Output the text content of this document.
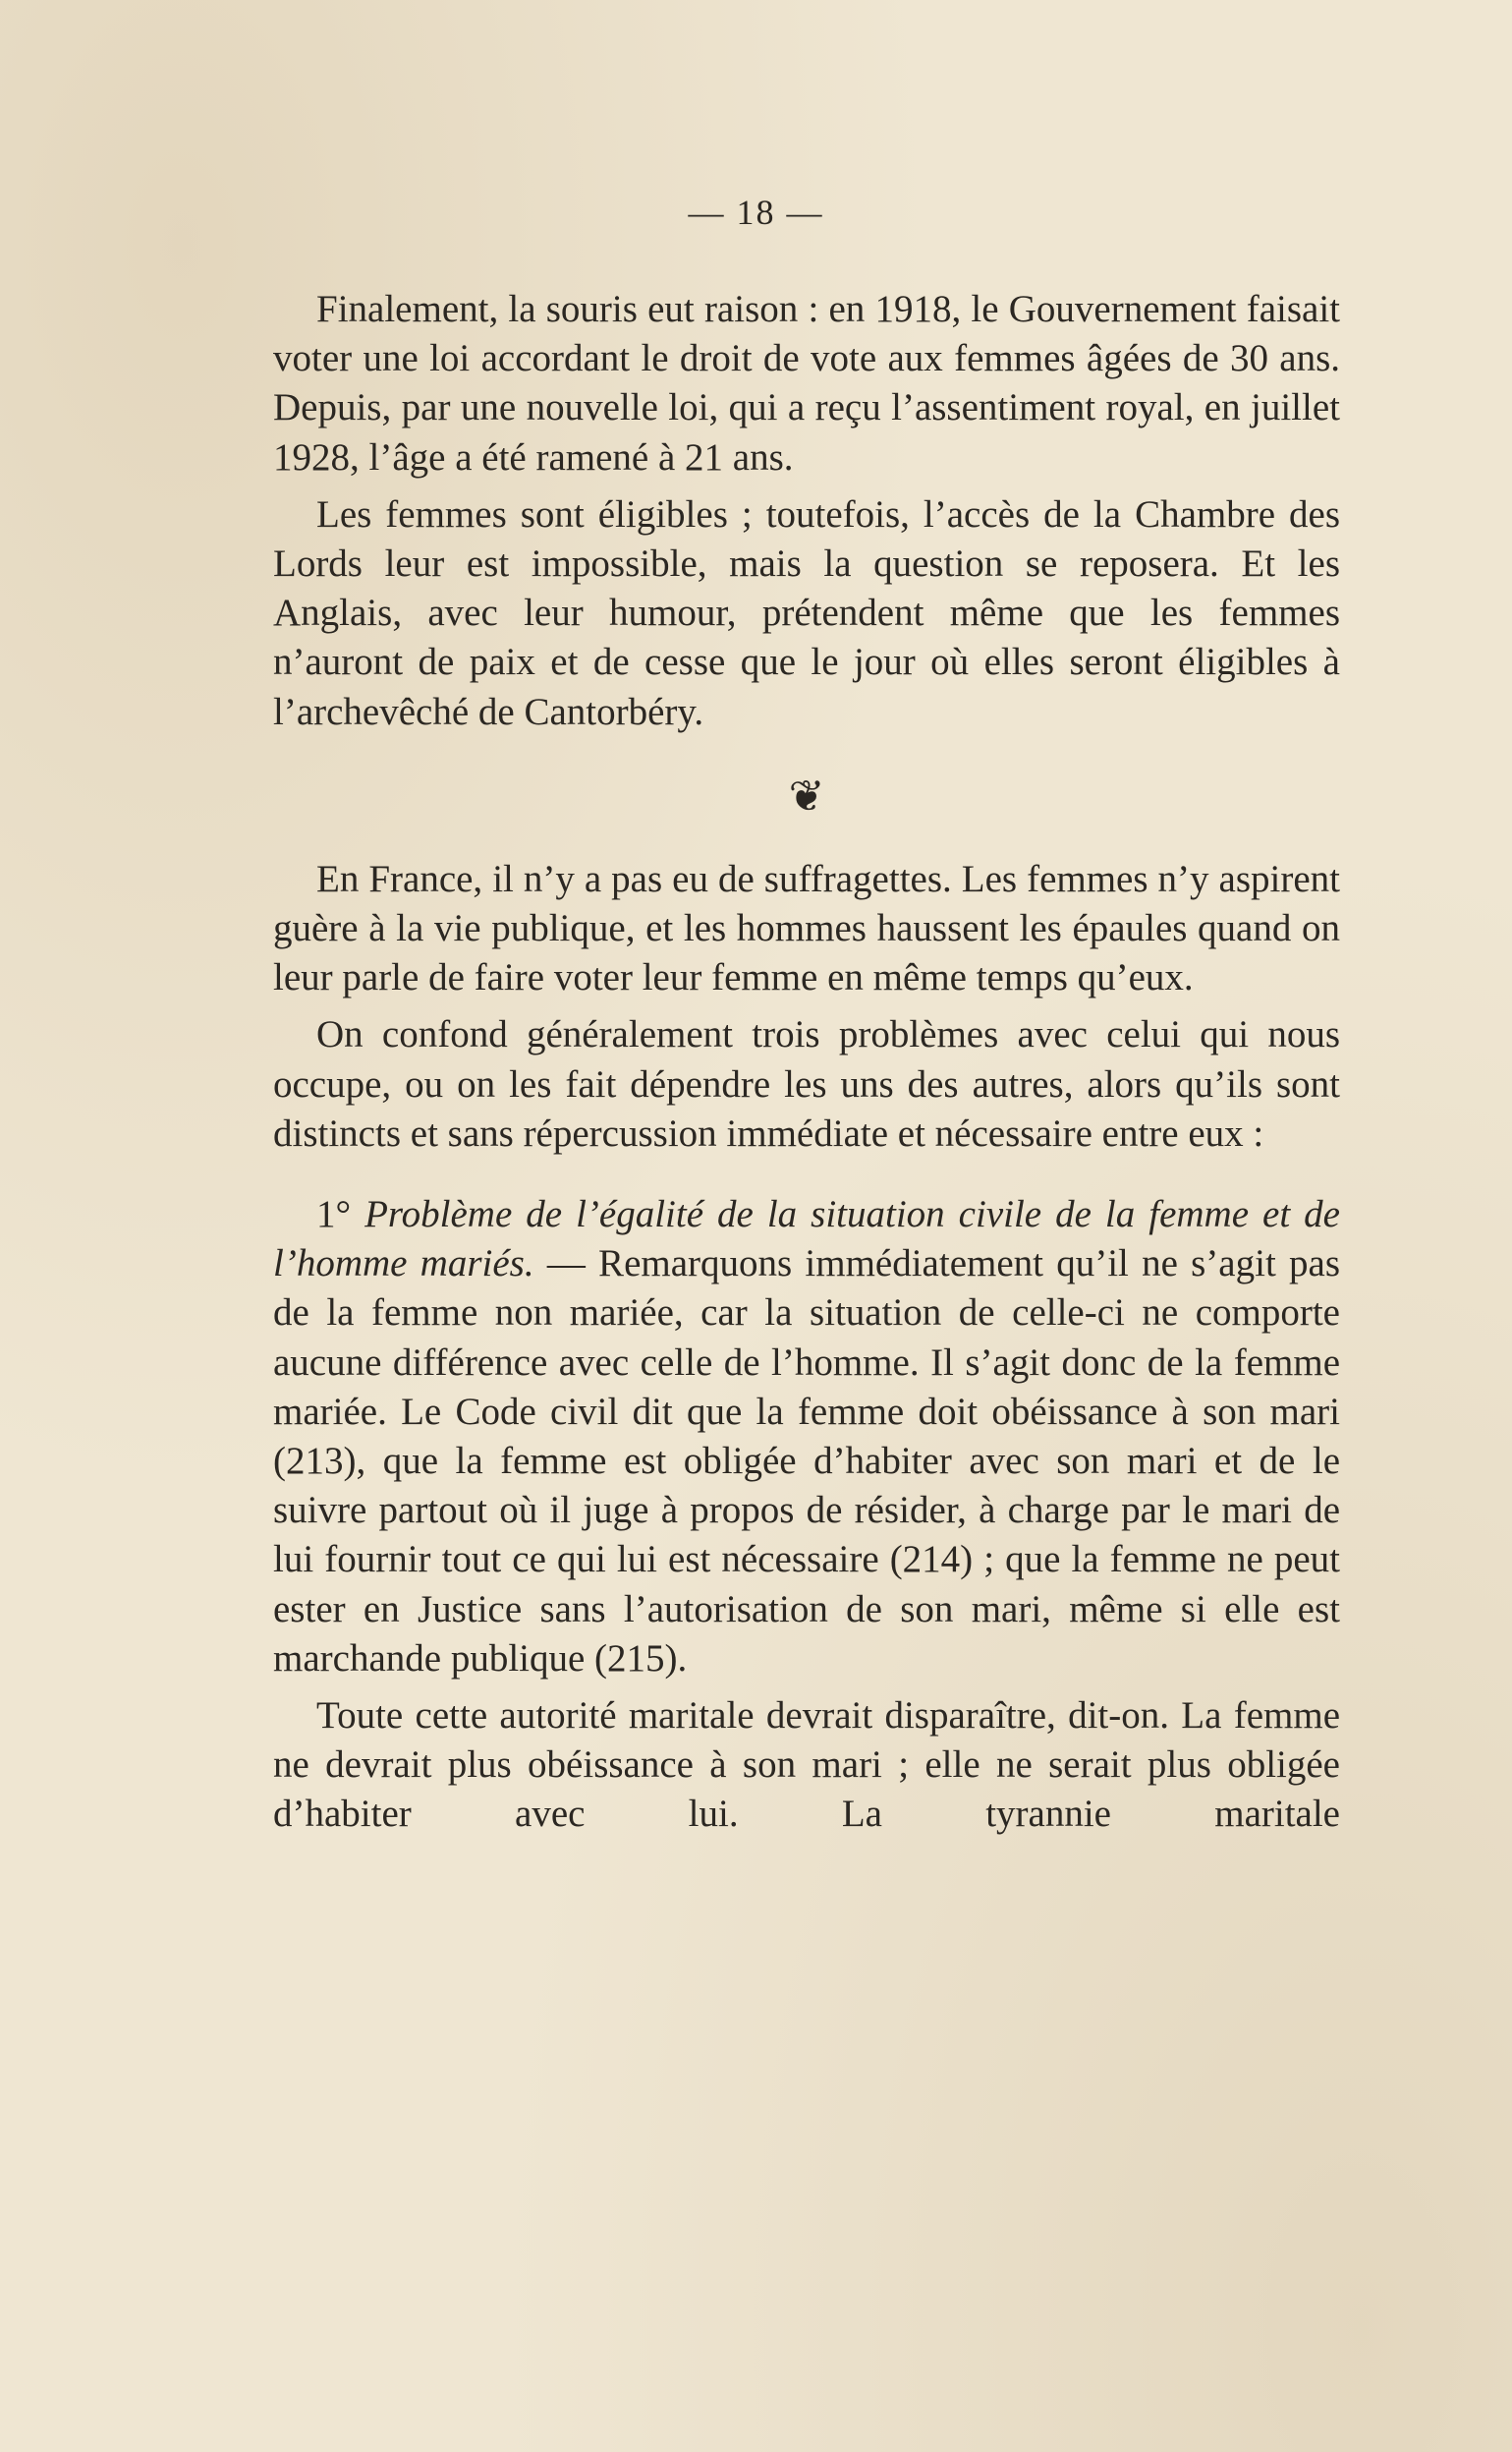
— 18 —

Finalement, la souris eut raison : en 1918, le Gouvernement faisait voter une loi accordant le droit de vote aux femmes âgées de 30 ans. Depuis, par une nouvelle loi, qui a reçu l’assentiment royal, en juillet 1928, l’âge a été ramené à 21 ans.

Les femmes sont éligibles ; toutefois, l’accès de la Chambre des Lords leur est impossible, mais la question se reposera. Et les Anglais, avec leur humour, prétendent même que les femmes n’auront de paix et de cesse que le jour où elles seront éligibles à l’archevêché de Cantorbéry.

❦

En France, il n’y a pas eu de suffragettes. Les femmes n’y aspirent guère à la vie publique, et les hommes haussent les épaules quand on leur parle de faire voter leur femme en même temps qu’eux.

On confond généralement trois problèmes avec celui qui nous occupe, ou on les fait dépendre les uns des autres, alors qu’ils sont distincts et sans répercussion immédiate et nécessaire entre eux :

1° Problème de l’égalité de la situation civile de la femme et de l’homme mariés. — Remarquons immédiatement qu’il ne s’agit pas de la femme non mariée, car la situation de celle-ci ne comporte aucune différence avec celle de l’homme. Il s’agit donc de la femme mariée. Le Code civil dit que la femme doit obéissance à son mari (213), que la femme est obligée d’habiter avec son mari et de le suivre partout où il juge à propos de résider, à charge par le mari de lui fournir tout ce qui lui est nécessaire (214) ; que la femme ne peut ester en Justice sans l’autorisation de son mari, même si elle est marchande publique (215).

Toute cette autorité maritale devrait disparaître, dit-on. La femme ne devrait plus obéissance à son mari ; elle ne serait plus obligée d’habiter avec lui. La tyrannie maritale
